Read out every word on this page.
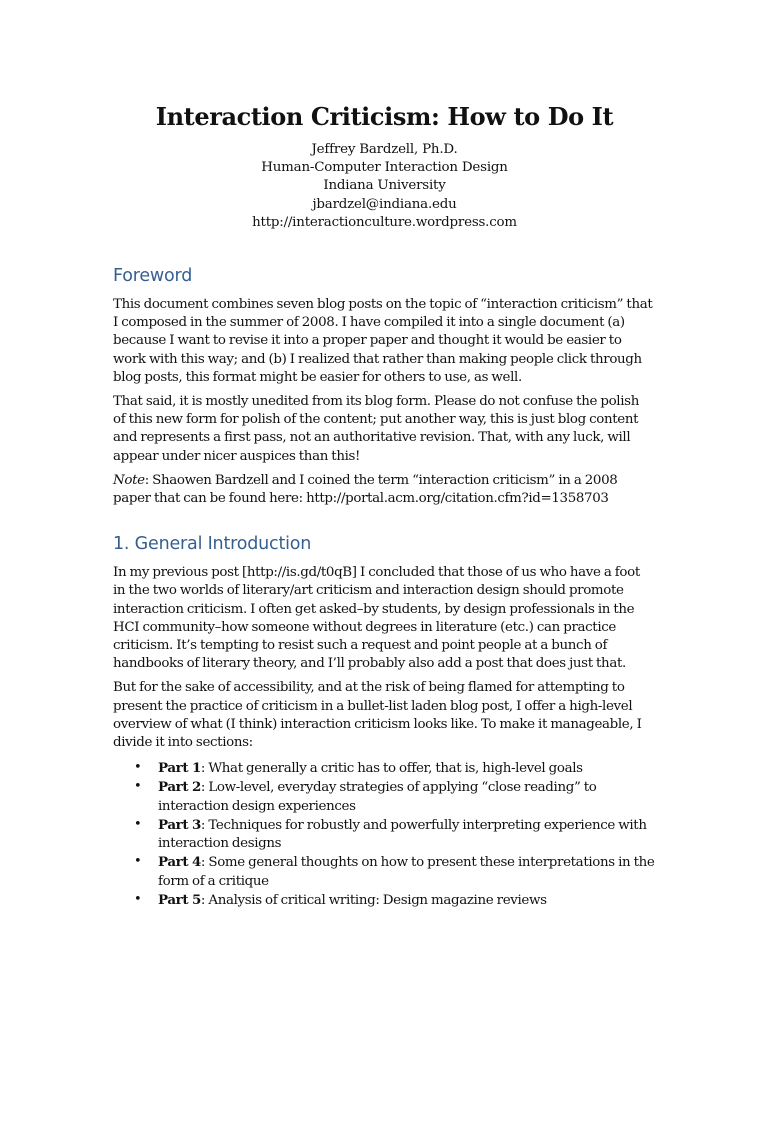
Interaction Criticism: How to Do It
Jeffrey Bardzell, Ph.D.
Human-Computer Interaction Design
Indiana University
jbardzel@indiana.edu
http://interactionculture.wordpress.com
Foreword

This document combines seven blog posts on the topic of “interaction criticism” that
I composed in the summer of 2008. I have compiled it into a single document (a)
because I want to revise it into a proper paper and thought it would be easier to
work with this way; and (b) I realized that rather than making people click through
blog posts, this format might be easier for others to use, as well.

That said, it is mostly unedited from its blog form. Please do not confuse the polish
of this new form for polish of the content; put another way, this is just blog content
and represents a first pass, not an authoritative revision. That, with any luck, will
appear under nicer auspices than this!

Note: Shaowen Bardzell and I coined the term “interaction criticism” in a 2008
paper that can be found here: http://portal.acm.org/citation.cfm?id=1358703

1. General Introduction

In my previous post [http://is.gd/t0qB] I concluded that those of us who have a foot
in the two worlds of literary/art criticism and interaction design should promote
interaction criticism. I often get asked–by students, by design professionals in the
HCI community–how someone without degrees in literature (etc.) can practice
criticism. It’s tempting to resist such a request and point people at a bunch of
handbooks of literary theory, and I’ll probably also add a post that does just that.

But for the sake of accessibility, and at the risk of being flamed for attempting to
present the practice of criticism in a bullet-list laden blog post, I offer a high-level
overview of what (I think) interaction criticism looks like. To make it manageable, I
divide it into sections:

• Part 1: What generally a critic has to offer, that is, high-level goals
• Part 2: Low-level, everyday strategies of applying “close reading” to
interaction design experiences
• Part 3: Techniques for robustly and powerfully interpreting experience with
interaction designs
• Part 4: Some general thoughts on how to present these interpretations in the
form of a critique
• Part 5: Analysis of critical writing: Design magazine reviews
